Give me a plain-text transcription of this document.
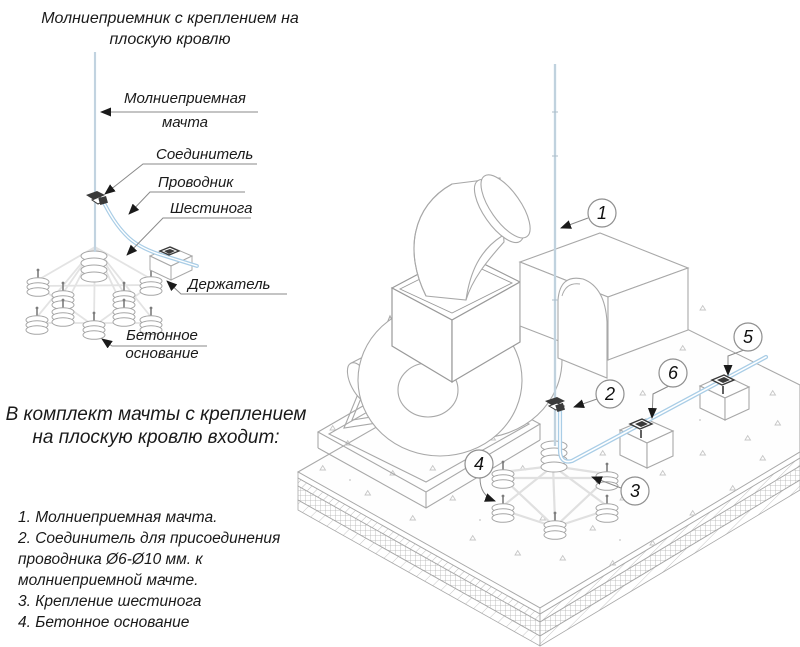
1
2
3
4
5
6
Молниеприемник с креплением на
плоскую кровлю
Молниеприемная
мачта
Соединитель
Проводник
Шестинога
Держатель
Бетонное
основание
В комплект мачты с креплением
на плоскую кровлю входит:
1. Молниеприемная мачта.
2. Соединитель для присоединения проводника Ø6-Ø10 мм. к молниеприемной мачте.
3. Крепление шестинога
4. Бетонное основание
